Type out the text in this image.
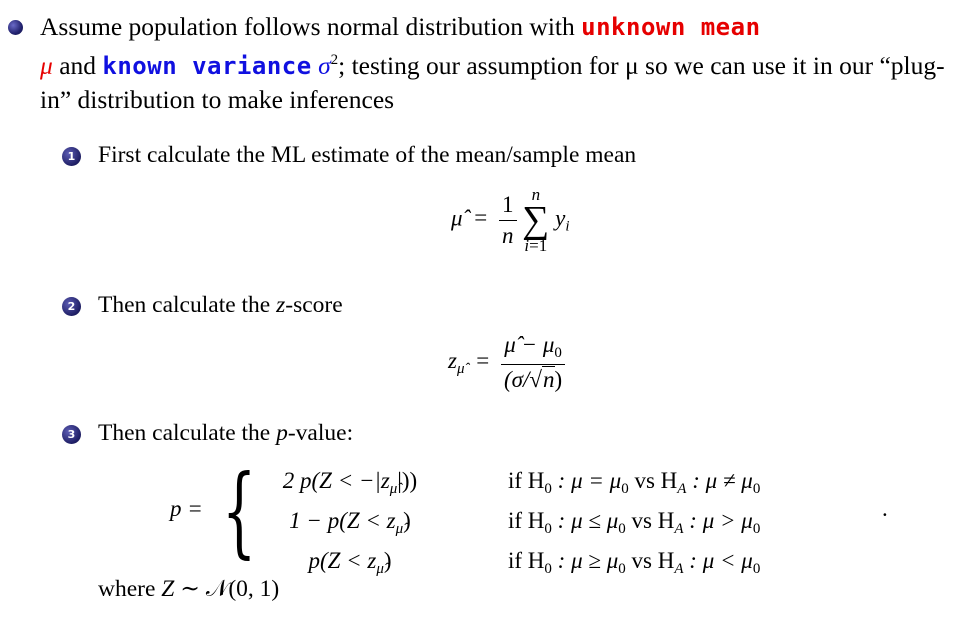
Assume population follows normal distribution with unknown mean
μ and known variance $\sigma^2$; testing our assumption for μ so we can use it in our “plug-in” distribution to make inferences
1 First calculate the ML estimate of the mean/sample mean
μ̂ = $\frac{1}{n}$
n
∑
i=1
$y_i$
2 Then calculate the z-score
$z_{\mû} = \frac{\mû - \mu_0}{(\sigma/√n)}$
3 Then calculate the p-value:
p = { 2 $p(Z < -|z_{\mû}|)$)		if $H_0$ : $\mu = \mu_0$ vs $H_A$ : $\mu \ne \mu_0$
$1 - p(Z < z_{\mû})$		if $H_0$ : $\mu \le \mu_0$ vs $H_A$ : $\mu > \mu_0$
$p(Z < z_{\mû})$		if $H_0$ : $\mu \ge \mu_0$ vs $H_A$ : $\mu < \mu_0$
.
where Z ∼ 𝒩(0, 1)
